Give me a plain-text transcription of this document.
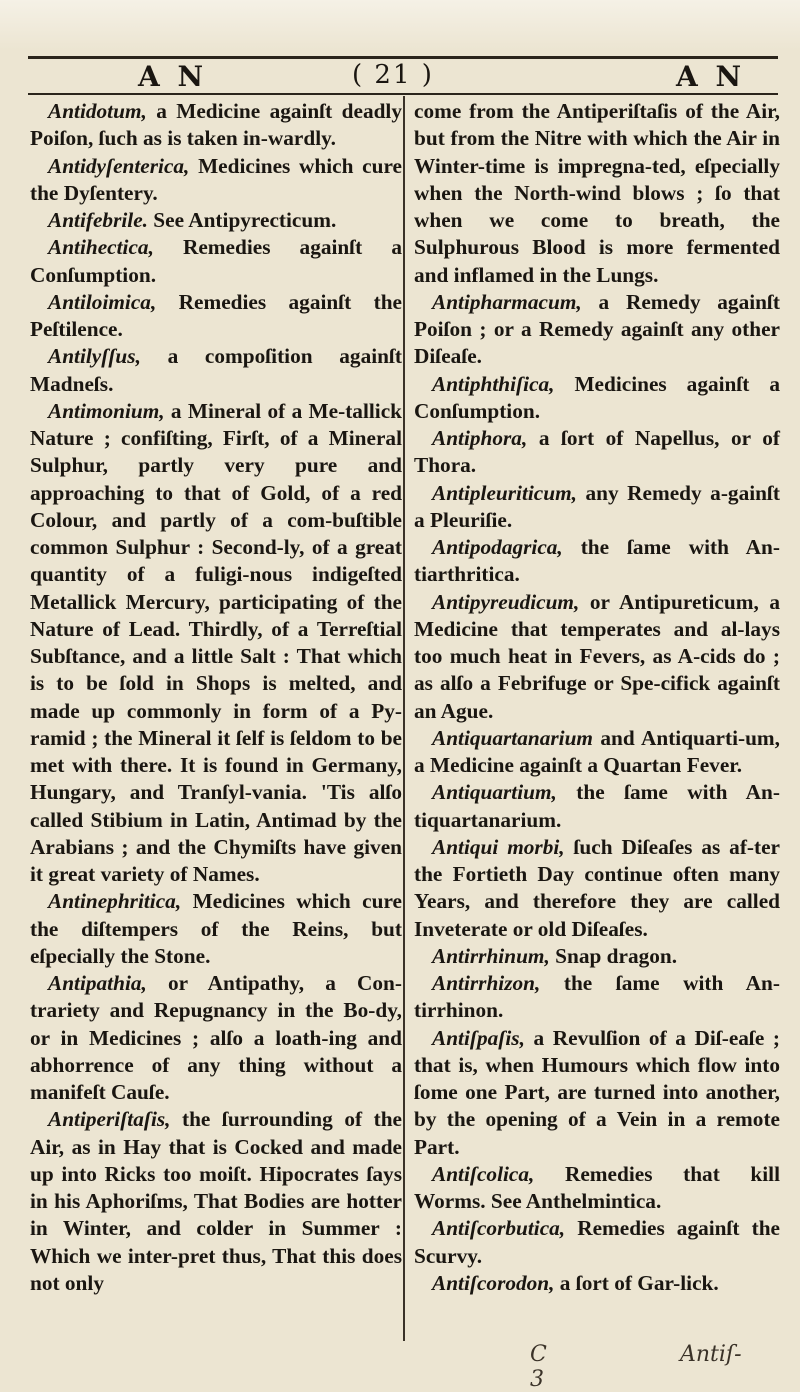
A N	( 21 )	A N

Antidotum, a Medicine againſt deadly Poiſon, ſuch as is taken in-wardly.

Antidyſenterica, Medicines which cure the Dyſentery.

Antifebrile. See Antipyrecticum.

Antihectica, Remedies againſt a Conſumption.

Antiloimica, Remedies againſt the Peſtilence.

Antilyſſus, a compoſition againſt Madneſs.

Antimonium, a Mineral of a Me-tallick Nature ; confiſting, Firſt, of a Mineral Sulphur, partly very pure and approaching to that of Gold, of a red Colour, and partly of a com-buſtible common Sulphur : Second-ly, of a great quantity of a fuligi-nous indigeſted Metallick Mercury, participating of the Nature of Lead. Thirdly, of a Terreſtial Subſtance, and a little Salt : That which is to be ſold in Shops is melted, and made up commonly in form of a Py-ramid ; the Mineral it ſelf is ſeldom to be met with there. It is found in Germany, Hungary, and Tranſyl-vania. 'Tis alſo called Stibium in Latin, Antimad by the Arabians ; and the Chymiſts have given it great variety of Names.

Antinephritica, Medicines which cure the diſtempers of the Reins, but eſpecially the Stone.

Antipathia, or Antipathy, a Con-trariety and Repugnancy in the Bo-dy, or in Medicines ; alſo a loath-ing and abhorrence of any thing without a manifeſt Cauſe.

Antiperiſtaſis, the ſurrounding of the Air, as in Hay that is Cocked and made up into Ricks too moiſt. Hipocrates ſays in his Aphoriſms, That Bodies are hotter in Winter, and colder in Summer : Which we inter-pret thus, That this does not only

come from the Antiperiſtaſis of the Air, but from the Nitre with which the Air in Winter-time is impregna-ted, eſpecially when the North-wind blows ; ſo that when we come to breath, the Sulphurous Blood is more fermented and inflamed in the Lungs.

Antipharmacum, a Remedy againſt Poiſon ; or a Remedy againſt any other Diſeaſe.

Antiphthiſica, Medicines againſt a Conſumption.

Antiphora, a ſort of Napellus, or of Thora.

Antipleuriticum, any Remedy a-gainſt a Pleuriſie.

Antipodagrica, the ſame with An-tiarthritica.

Antipyreudicum, or Antipureticum, a Medicine that temperates and al-lays too much heat in Fevers, as A-cids do ; as alſo a Febrifuge or Spe-cifick againſt an Ague.

Antiquartanarium and Antiquarti-um, a Medicine againſt a Quartan Fever.

Antiquartium, the ſame with An-tiquartanarium.

Antiqui morbi, ſuch Diſeaſes as af-ter the Fortieth Day continue often many Years, and therefore they are called Inveterate or old Diſeaſes.

Antirrhinum, Snap dragon.

Antirrhizon, the ſame with An-tirrhinon.

Antiſpaſis, a Revulſion of a Diſ-eaſe ; that is, when Humours which flow into ſome one Part, are turned into another, by the opening of a Vein in a remote Part.

Antiſcolica, Remedies that kill Worms. See Anthelmintica.

Antiſcorbutica, Remedies againſt the Scurvy.

Antiſcorodon, a ſort of Gar-lick.

C 3
Antiſ-
